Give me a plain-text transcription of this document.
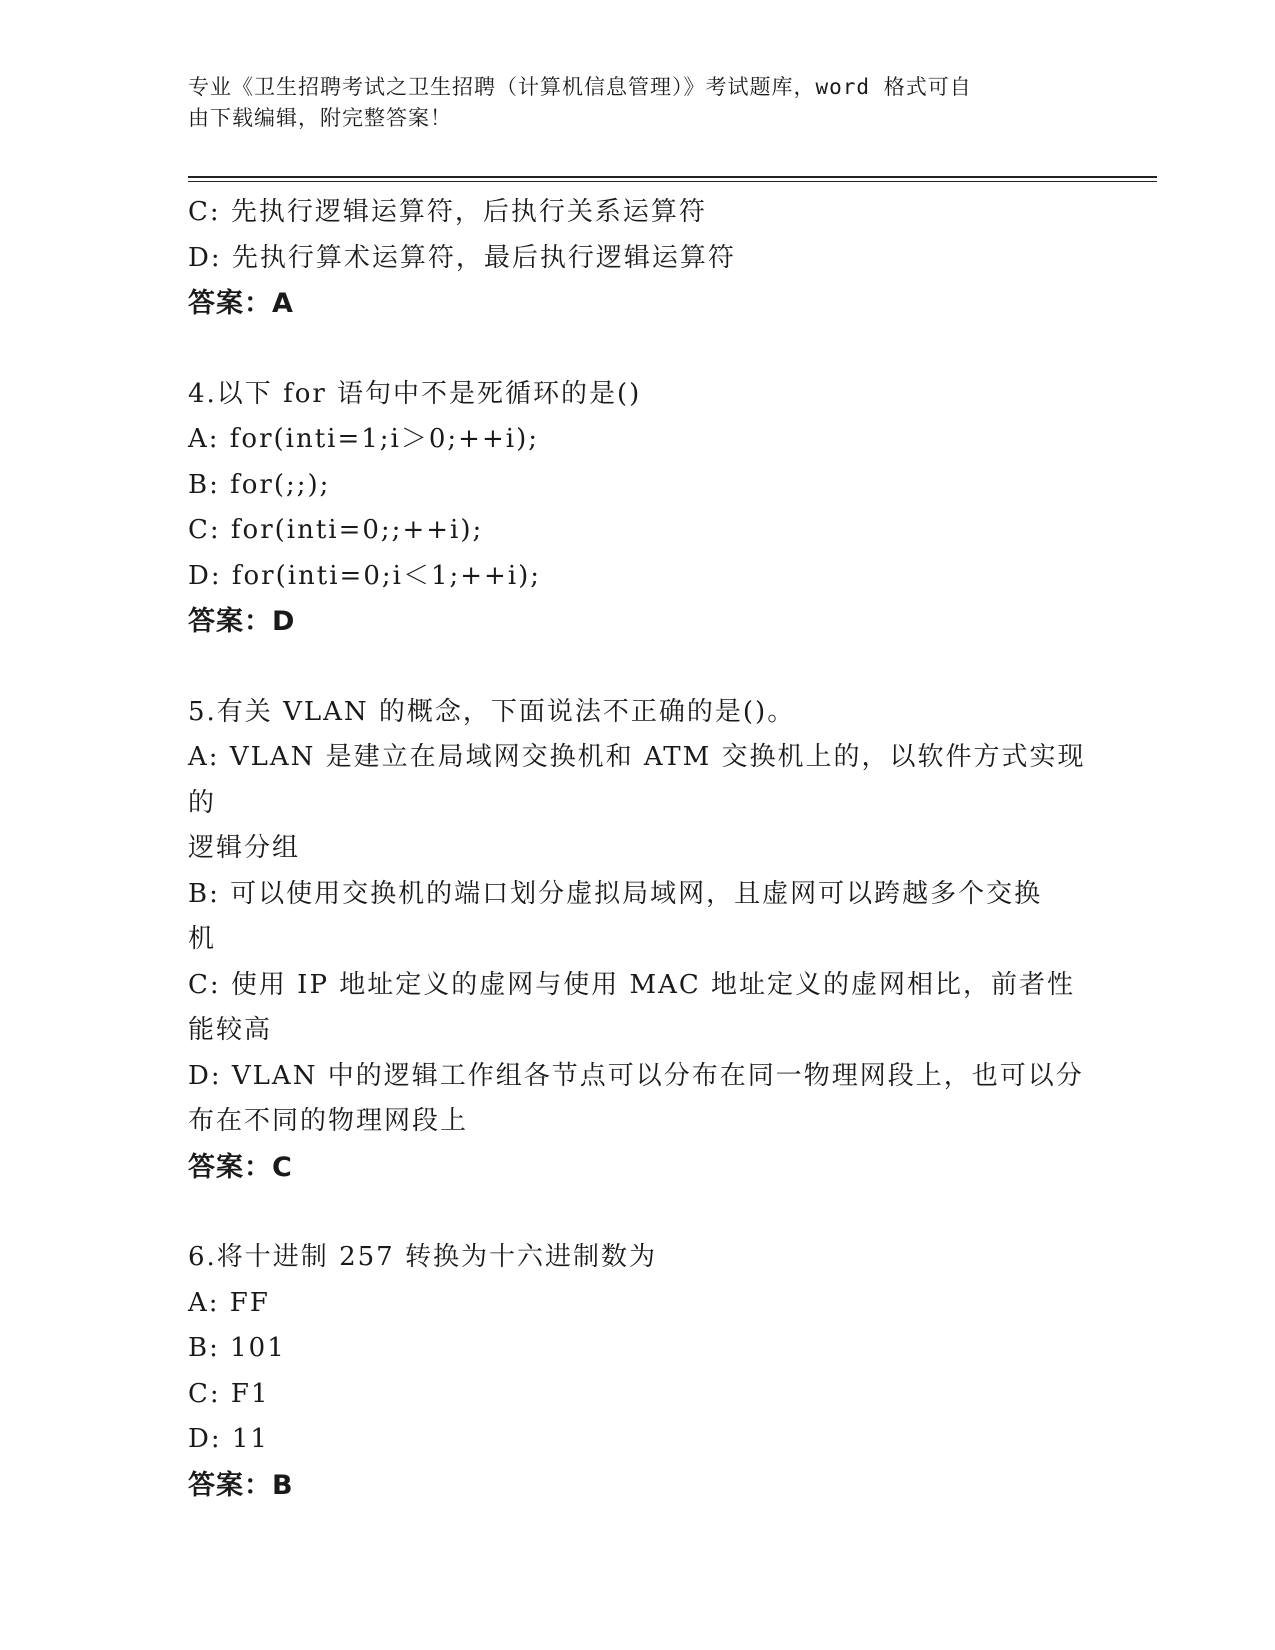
专业《卫生招聘考试之卫生招聘（计算机信息管理）》考试题库，word 格式可自
由下载编辑，附完整答案！
C: 先执行逻辑运算符，后执行关系运算符
D: 先执行算术运算符，最后执行逻辑运算符
答案：A
4.以下 for 语句中不是死循环的是()
A: for(inti=1;i＞0;++i);
B: for(;;);
C: for(inti=0;;++i);
D: for(inti=0;i＜1;++i);
答案：D
5.有关 VLAN 的概念，下面说法不正确的是()。
A: VLAN 是建立在局域网交换机和 ATM 交换机上的，以软件方式实现的
逻辑分组
B: 可以使用交换机的端口划分虚拟局域网，且虚网可以跨越多个交换
机
C: 使用 IP 地址定义的虚网与使用 MAC 地址定义的虚网相比，前者性
能较高
D: VLAN 中的逻辑工作组各节点可以分布在同一物理网段上，也可以分
布在不同的物理网段上
答案：C
6.将十进制 257 转换为十六进制数为
A: FF
B: 101
C: F1
D: 11
答案：B
